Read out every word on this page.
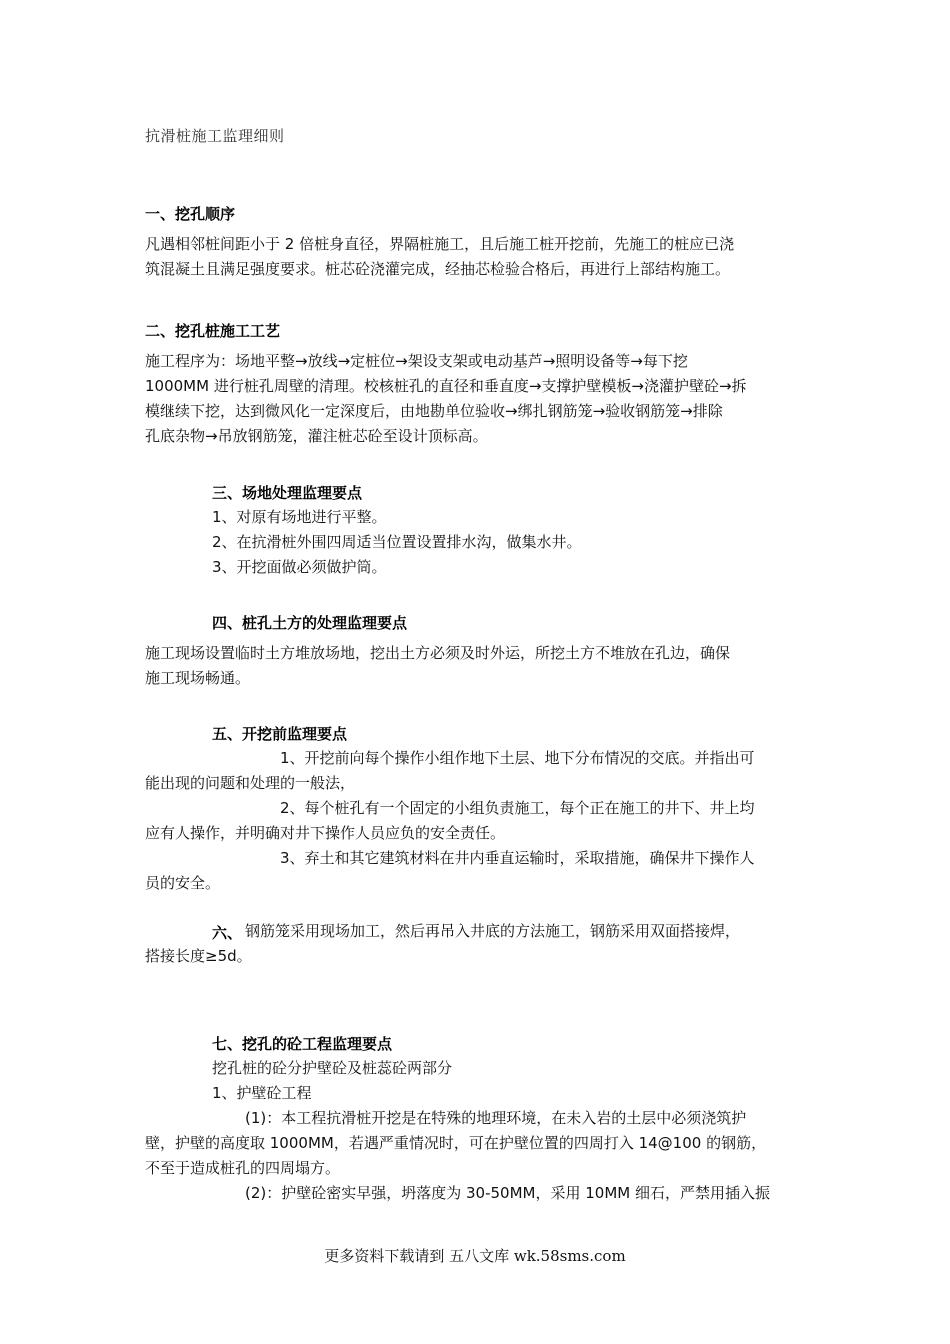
抗滑桩施工监理细则
一、挖孔顺序
凡遇相邻桩间距小于 2 倍桩身直径，界隔桩施工，且后施工桩开挖前，先施工的桩应已浇
筑混凝土且满足强度要求。桩芯砼浇灌完成，经抽芯检验合格后，再进行上部结构施工。
二、挖孔桩施工工艺
施工程序为：场地平整→放线→定桩位→架设支架或电动基芦→照明设备等→每下挖
1000MM 进行桩孔周壁的清理。校核桩孔的直径和垂直度→支撑护壁模板→浇灌护壁砼→拆
模继续下挖，达到微风化一定深度后，由地勘单位验收→绑扎钢筋笼→验收钢筋笼→排除
孔底杂物→吊放钢筋笼，灌注桩芯砼至设计顶标高。
三、场地处理监理要点
1、对原有场地进行平整。
2、在抗滑桩外围四周适当位置设置排水沟，做集水井。
3、开挖面做必须做护筒。
四、桩孔土方的处理监理要点
施工现场设置临时土方堆放场地，挖出土方必须及时外运，所挖土方不堆放在孔边，确保
施工现场畅通。
五、开挖前监理要点
1、开挖前向每个操作小组作地下土层、地下分布情况的交底。并指出可
能出现的问题和处理的一般法，
2、每个桩孔有一个固定的小组负责施工，每个正在施工的井下、井上均
应有人操作，并明确对井下操作人员应负的安全责任。
3、弃土和其它建筑材料在井内垂直运输时，采取措施，确保井下操作人
员的安全。
六、 钢筋笼采用现场加工，然后再吊入井底的方法施工，钢筋采用双面搭接焊，
搭接长度≥5d。
七、挖孔的砼工程监理要点
挖孔桩的砼分护壁砼及桩蕊砼两部分
1、护壁砼工程
(1)：本工程抗滑桩开挖是在特殊的地理环境，在未入岩的土层中必须浇筑护
壁，护壁的高度取 1000MM，若遇严重情况时，可在护壁位置的四周打入 14@100 的钢筋，
不至于造成桩孔的四周塌方。
(2)：护壁砼密实早强，坍落度为 30-50MM，采用 10MM 细石，严禁用插入振
更多资料下载请到 五八文库 wk.58sms.com
